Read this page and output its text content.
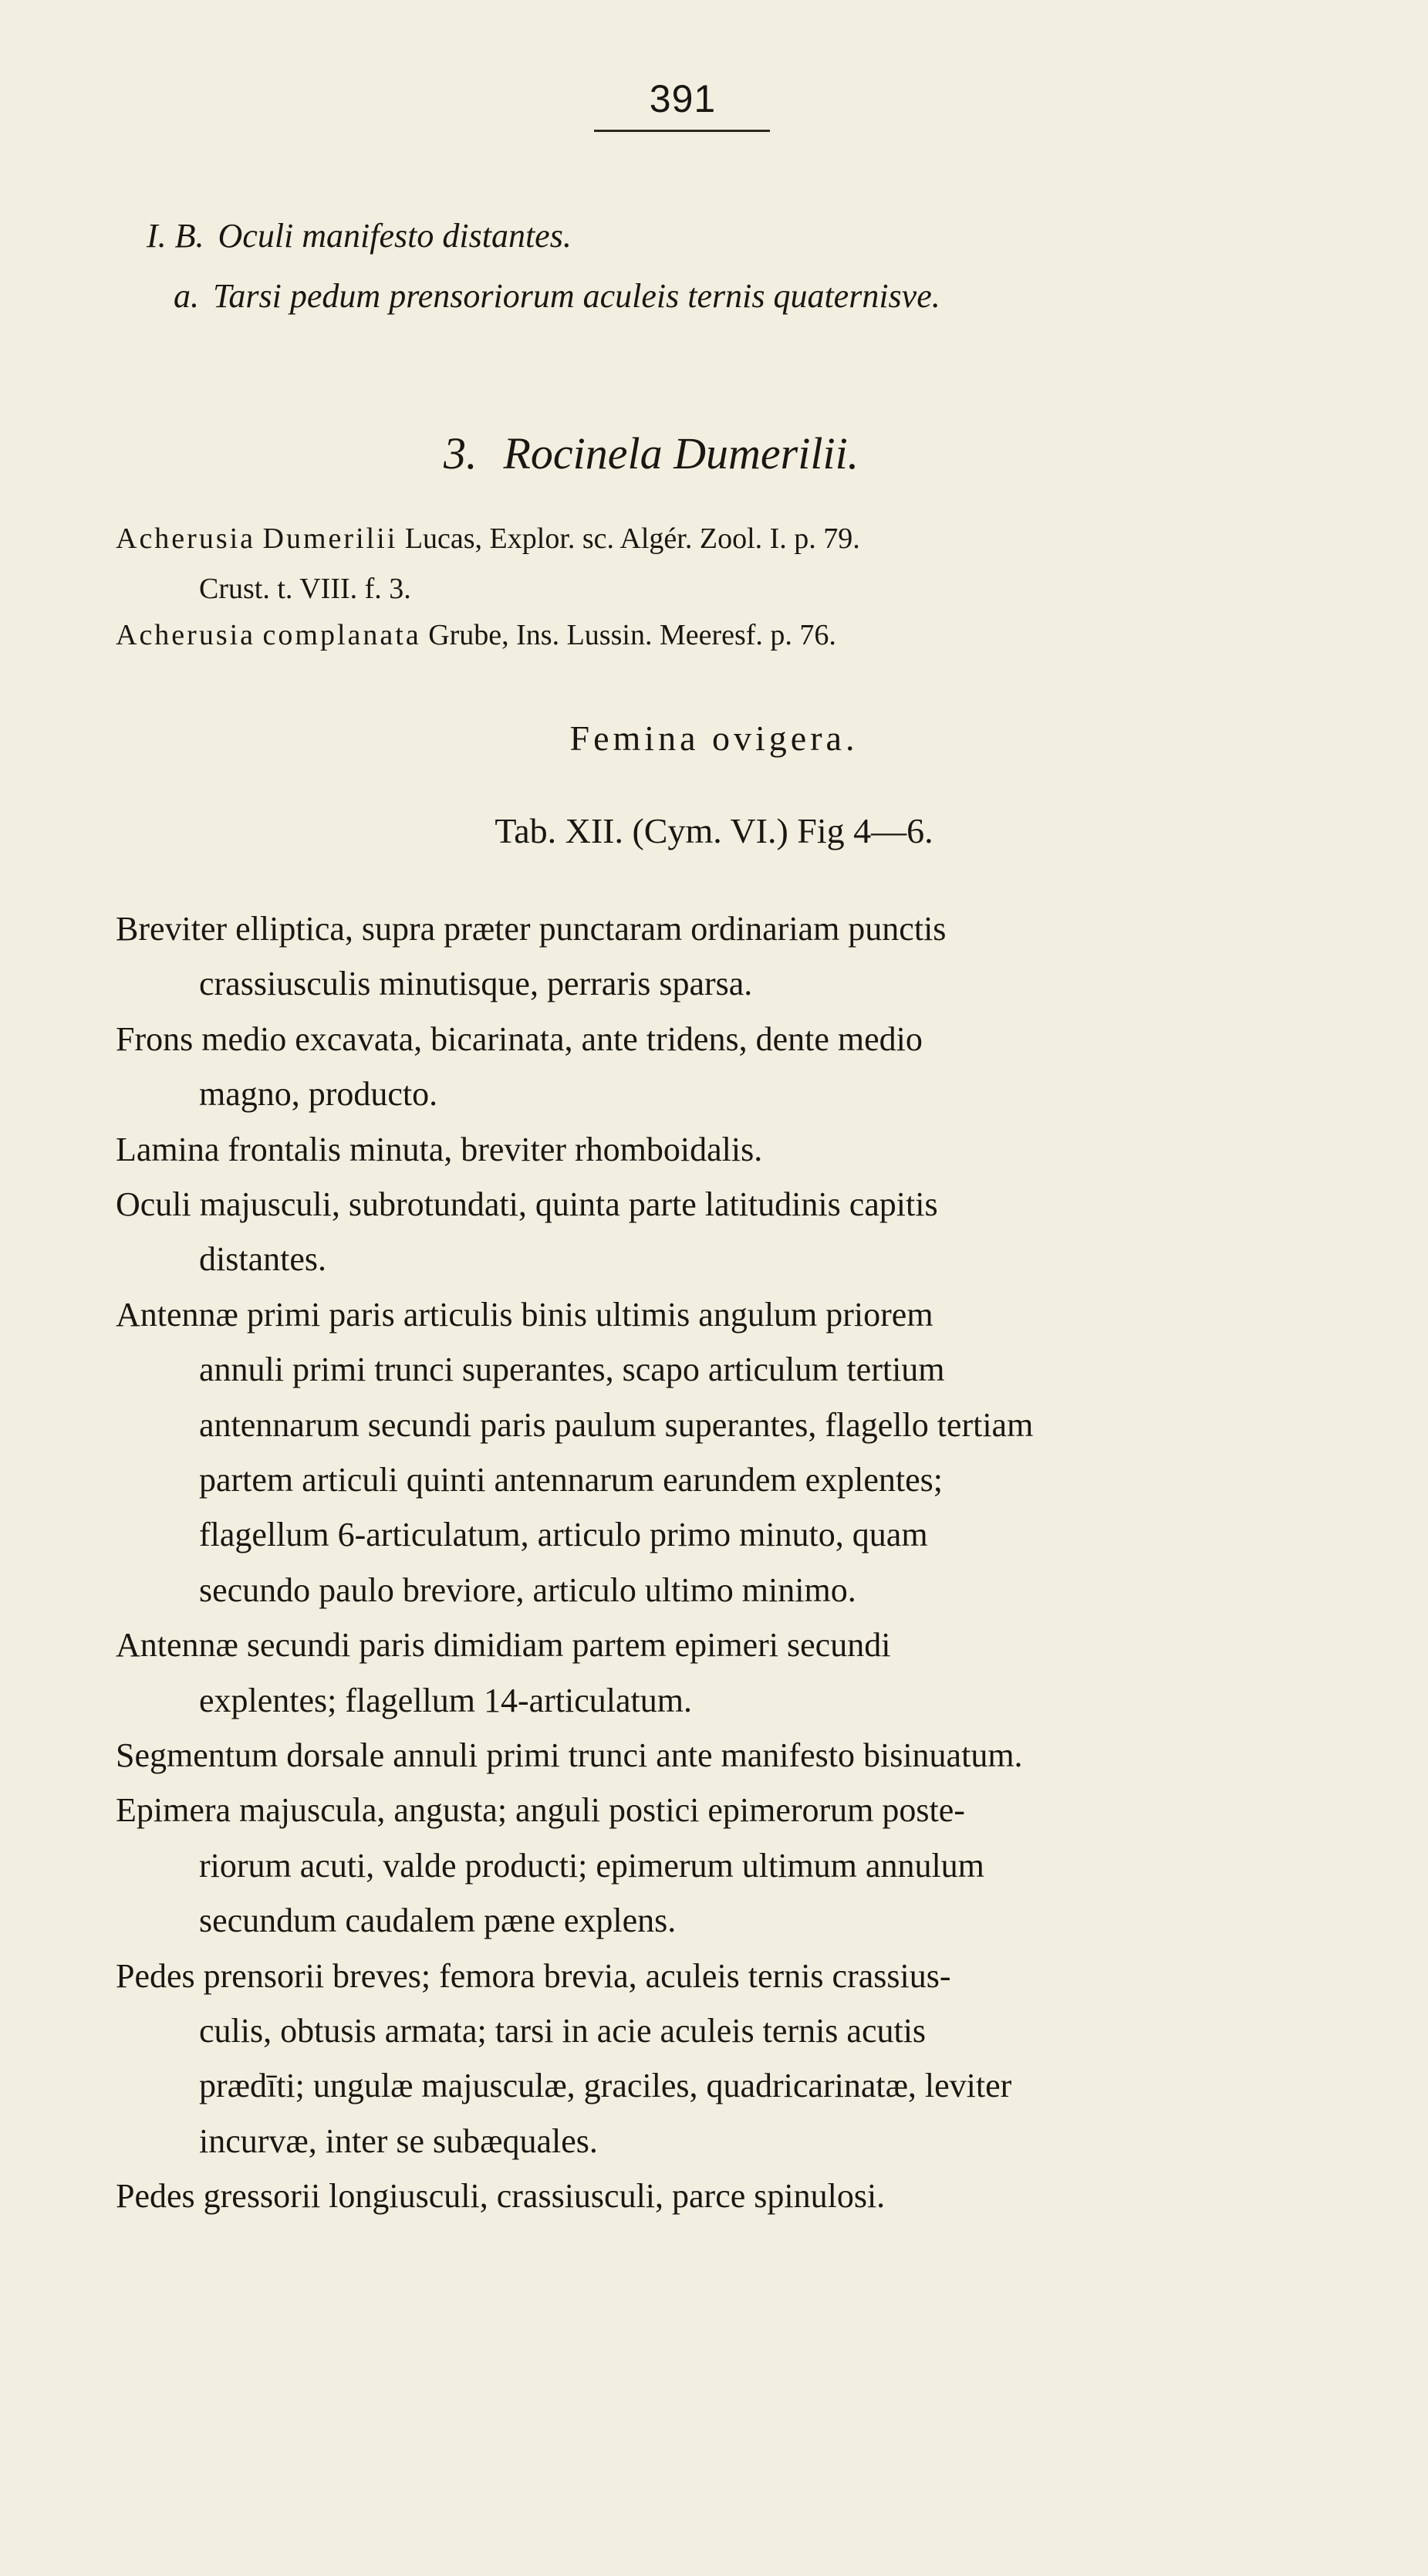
391
I. B. Oculi manifesto distantes.
a. Tarsi pedum prensoriorum aculeis ternis quaternisve.
3. Rocinela Dumerilii.
Acherusia Dumerilii Lucas, Explor. sc. Algér. Zool. I. p. 79.
Crust. t. VIII. f. 3.
Acherusia complanata Grube, Ins. Lussin. Meeresf. p. 76.
Femina ovigera.
Tab. XII. (Cym. VI.) Fig 4—6.
Breviter elliptica, supra præter punctaram ordinariam punctis
crassiusculis minutisque, perraris sparsa.
Frons medio excavata, bicarinata, ante tridens, dente medio
magno, producto.
Lamina frontalis minuta, breviter rhomboidalis.
Oculi majusculi, subrotundati, quinta parte latitudinis capitis
distantes.
Antennæ primi paris articulis binis ultimis angulum priorem
annuli primi trunci superantes, scapo articulum tertium
antennarum secundi paris paulum superantes, flagello tertiam
partem articuli quinti antennarum earundem explentes;
flagellum 6-articulatum, articulo primo minuto, quam
secundo paulo breviore, articulo ultimo minimo.
Antennæ secundi paris dimidiam partem epimeri secundi
explentes; flagellum 14-articulatum.
Segmentum dorsale annuli primi trunci ante manifesto bisinuatum.
Epimera majuscula, angusta; anguli postici epimerorum poste-
riorum acuti, valde producti; epimerum ultimum annulum
secundum caudalem pæne explens.
Pedes prensorii breves; femora brevia, aculeis ternis crassius-
culis, obtusis armata; tarsi in acie aculeis ternis acutis
prædīti; ungulæ majusculæ, graciles, quadricarinatæ, leviter
incurvæ, inter se subæquales.
Pedes gressorii longiusculi, crassiusculi, parce spinulosi.
